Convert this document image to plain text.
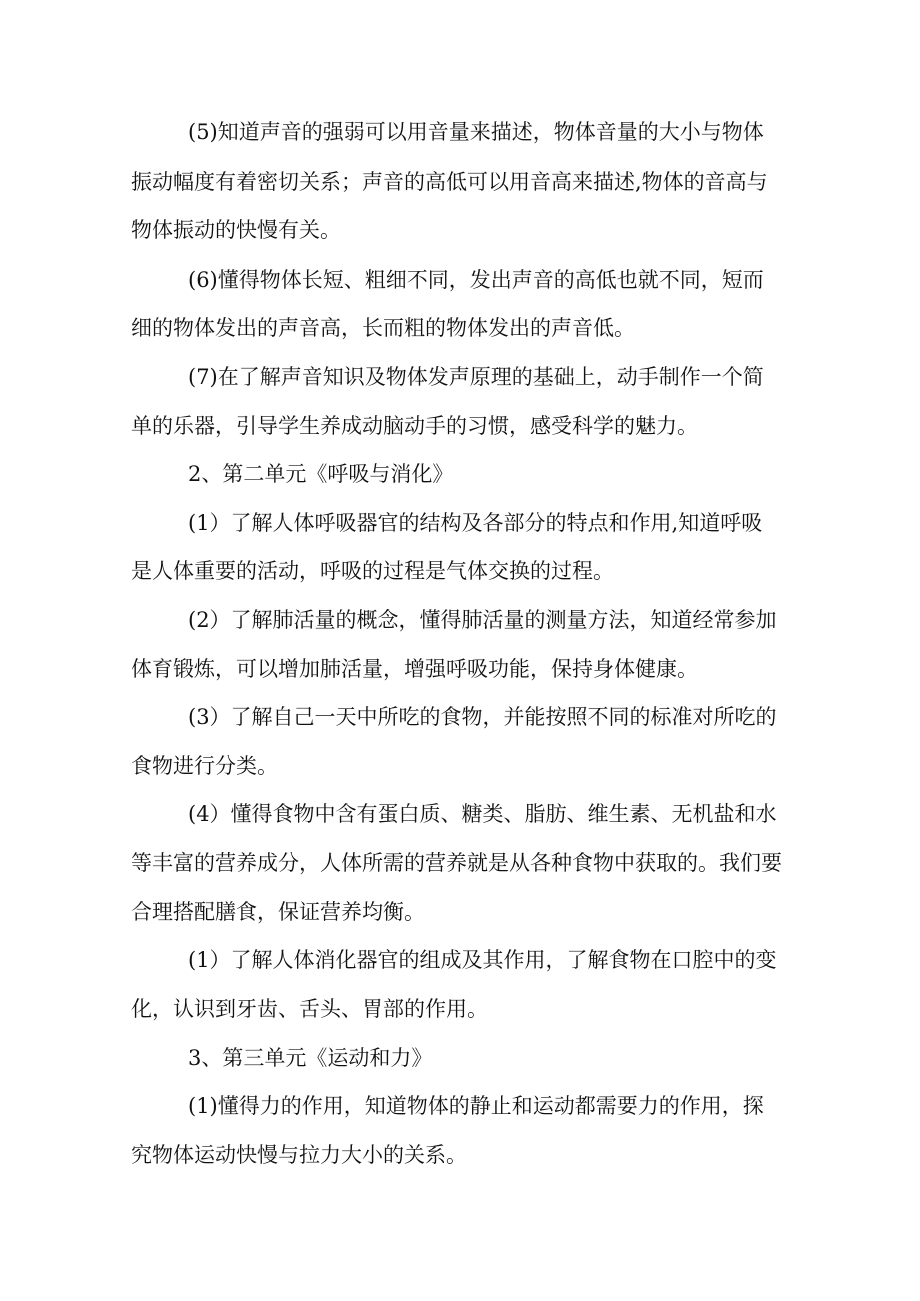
(5)知道声音的强弱可以用音量来描述，物体音量的大小与物体
振动幅度有着密切关系；声音的高低可以用音高来描述,物体的音高与
物体振动的快慢有关。
(6)懂得物体长短、粗细不同，发出声音的高低也就不同，短而
细的物体发出的声音高，长而粗的物体发出的声音低。
(7)在了解声音知识及物体发声原理的基础上，动手制作一个简
单的乐器，引导学生养成动脑动手的习惯，感受科学的魅力。
2、第二单元《呼吸与消化》
(1）了解人体呼吸器官的结构及各部分的特点和作用,知道呼吸
是人体重要的活动，呼吸的过程是气体交换的过程。
(2）了解肺活量的概念，懂得肺活量的测量方法，知道经常参加
体育锻炼，可以增加肺活量，增强呼吸功能，保持身体健康。
(3）了解自己一天中所吃的食物，并能按照不同的标准对所吃的
食物进行分类。
(4）懂得食物中含有蛋白质、糖类、脂肪、维生素、无机盐和水
等丰富的营养成分，人体所需的营养就是从各种食物中获取的。我们要
合理搭配膳食，保证营养均衡。
(1）了解人体消化器官的组成及其作用，了解食物在口腔中的变
化，认识到牙齿、舌头、胃部的作用。
3、第三单元《运动和力》
(1)懂得力的作用，知道物体的静止和运动都需要力的作用，探
究物体运动快慢与拉力大小的关系。
